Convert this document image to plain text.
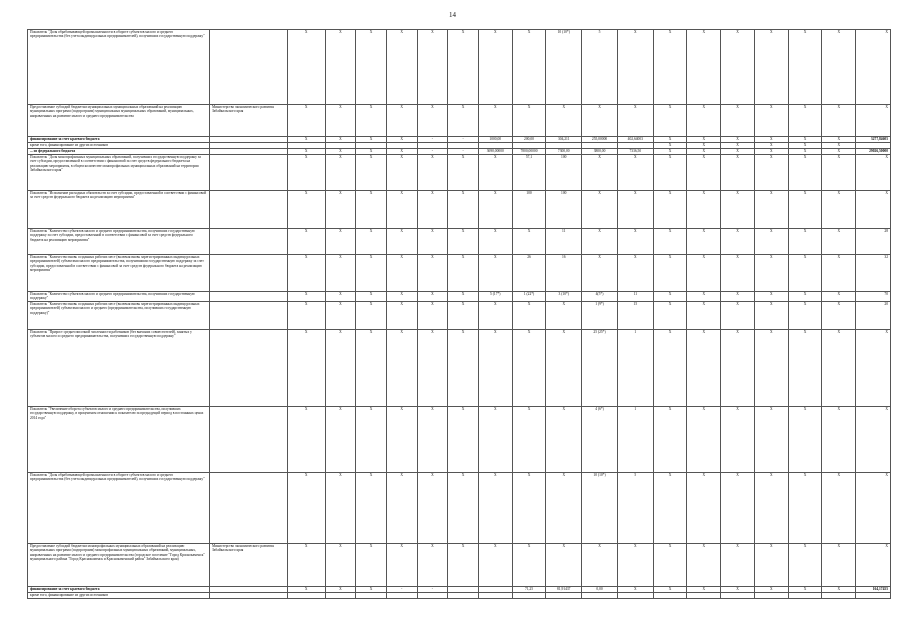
14
Показатель "Доля обрабатывающей промышленности в обороте субъектов малого и среднего предпринимательства (без учета индивидуальных предпринимателей), получивших государственную поддержку"		X	X	X	X	X	X	X	X	10 (10*)	5	X	X	X	X	X	X	X	X
Предоставление субсидий бюджетам муниципальных муниципальных образований на реализацию муниципальных программ (подпрограмм) муниципальных муниципальных образований, муниципальных, направленных на развитие малого и среднего предпринимательства	Министерство экономического развития Забайкальского края	X	X	X	X	X	X	X	X	X	X	X	X	X	X	X	X	X	X
финансирование за счет краевого бюджета		X	X	X	X	-	-	1000,00	200,00	304,211	255,00000	402,64003	X	X	X	X	X	X	3277,84605
кроме того, финансирование из других источников													X	X	X	X	X	X	
... из федерального бюджета		X	X	X	X	-	-	3690,00000	7800,00000	7300,00	3800,00	7336,50	X	X	X	X	X	X	29026,50000
Показатель "Доля монопрофильных муниципальных образований, получивших государственную поддержку за счет субсидии, предоставленной в соответствии с финансовой за счет средств федерального бюджета на реализацию мероприятия, в общем количестве монопрофильных муниципальных образований на территории Забайкальского края"		X	X	X	X	X	X	X	57,1	100	X	X	X	X	X	X	X	X	X
Показатель "Исполнение расходных обязательств за счет субсидии, предоставленной в соответствии с финансовой за счет средств федерального бюджета на реализацию мероприятия"		X	X	X	X	X	X	X	100	100	X	X	X	X	X	X	X	X	X
Показатель "Количество субъектов малого и среднего предпринимательства, получивших государственную поддержку за счет субсидии, предоставленной в соответствии с финансовой за счет средств федерального бюджета на реализацию мероприятия"		X	X	X	X	X	X	X	X	11	X	X	X	X	X	X	X	X	28
Показатель "Количество вновь созданных рабочих мест (включая вновь зарегистрированных индивидуальных предпринимателей) субъектами малого предпринимательства, получившими государственную поддержку за счет субсидии, предоставленной в соответствии с финансовой за счет средств федерального бюджета на реализацию мероприятия"		X	X	X	X	X	X	X	26	16	X	X	X	X	X	X	X	X	32
Показатель "Количество субъектов малого и среднего предпринимательства, получивших государственную поддержку"		X	X	X	X	X	X	5 (17*)	1 (22*)	3 (10*)	4(5*)	11	X	X	X	X	X	X	70
Показатель "Количество вновь созданных рабочих мест (включая вновь зарегистрированных индивидуальных предпринимателей) субъектами малого и среднего (предпринимательства, получивших государственную поддержку)"		X	X	X	X	X	X	X	X	X	1 (9*)	15	X	X	X	X	X	X	20
Показатель "Прирост среднесписочной численности работников (без внешних совместителей), занятых у субъектов малого и среднего предпринимательства, получивших государственную поддержку"		X	X	X	X	X	X	X	X	X	25 (25*)	1	X	X	X	X	X	X	X
Показатель "Увеличение оборота субъектов малого и среднего предпринимательства, получивших государственную поддержку, в процентном отношении к показателю за предыдущий период в постоянных ценах 2014 года"		X	X	X	X	X	X	X	X	X	4 (6*)	1	X	X	X	X	X	X	X
Показатель "Доля обрабатывающей промышленности в обороте субъектов малого и среднего предпринимательства (без учета индивидуальных предпринимателей), получивших государственную поддержку"		X	X	X	X	X	X	X	X	X	10 (10*)	5	X	X	X	X	X	X	X
Предоставление субсидий бюджетам монопрофильных муниципальных образований на реализацию муниципальных программ (подпрограмм) монопрофильных муниципальных образований, муниципальных, направленных на развитие малого и среднего предпринимательства (городское поселение "Город Краснокаменск" муниципального района "Город Краснокаменск и Краснокаменский район" Забайкальского края)	Министерство экономического развития Забайкальского края	X	X	X	X	X	X	X	X	X	X	X	X	X	X	X	X	X	X
финансирование за счет краевого бюджета		X	X	X	-	-			71,25	81,91437	0,00	X	X	X	X	X	X	X	164,17455
кроме того, финансирование из других источников																			
